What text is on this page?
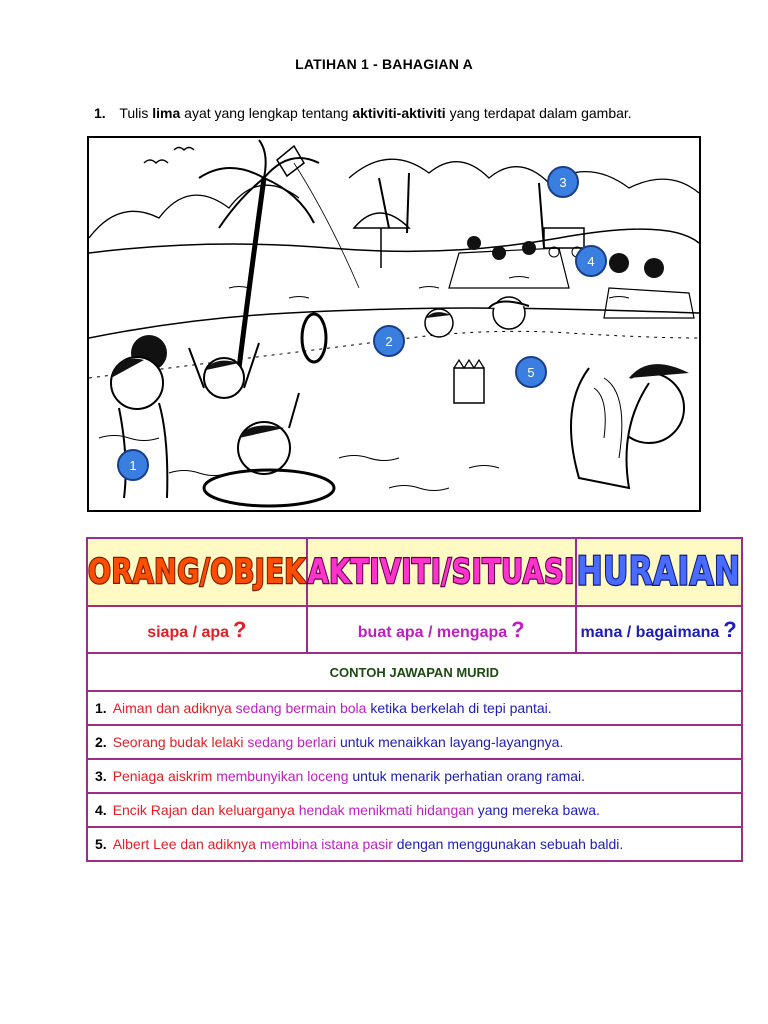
LATIHAN 1 - BAHAGIAN A
1. Tulis lima ayat yang lengkap tentang aktiviti-aktiviti yang terdapat dalam gambar.
1
2
3
4
5
ORANG/OBJEK	AKTIVITI/SITUASI	HURAIAN
siapa / apa ?	buat apa / mengapa ?	mana / bagaimana ?
CONTOH JAWAPAN MURID		
1. Aiman dan adiknya sedang bermain bola ketika berkelah di tepi pantai.		
2. Seorang budak lelaki sedang berlari untuk menaikkan layang-layangnya.		
3. Peniaga aiskrim membunyikan loceng untuk menarik perhatian orang ramai.		
4. Encik Rajan dan keluarganya hendak menikmati hidangan yang mereka bawa.		
5. Albert Lee dan adiknya membina istana pasir dengan menggunakan sebuah baldi.		
